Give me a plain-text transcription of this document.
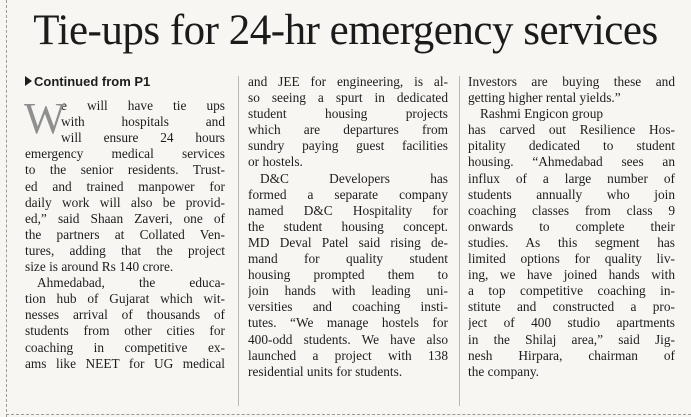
Tie-ups for 24-hr emergency services
Continued from P1
W
e will have tie ups
with hospitals and
will ensure 24 hours
emergency medical services
to the senior residents. Trust-
ed and trained manpower for
daily work will also be provid-
ed,” said Shaan Zaveri, one of
the partners at Collated Ven-
tures, adding that the project
size is around Rs 140 crore.
Ahmedabad, the educa-
tion hub of Gujarat which wit-
nesses arrival of thousands of
students from other cities for
coaching in competitive ex-
ams like NEET for UG medical
and JEE for engineering, is al-
so seeing a spurt in dedicated
student housing projects
which are departures from
sundry paying guest facilities
or hostels.
D&C Developers has
formed a separate company
named D&C Hospitality for
the student housing concept.
MD Deval Patel said rising de-
mand for quality student
housing prompted them to
join hands with leading uni-
versities and coaching insti-
tutes. “We manage hostels for
400-odd students. We have also
launched a project with 138
residential units for students.
Investors are buying these and
getting higher rental yields.”
Rashmi Engicon group
has carved out Resilience Hos-
pitality dedicated to student
housing. “Ahmedabad sees an
influx of a large number of
students annually who join
coaching classes from class 9
onwards to complete their
studies. As this segment has
limited options for quality liv-
ing, we have joined hands with
a top competitive coaching in-
stitute and constructed a pro-
ject of 400 studio apartments
in the Shilaj area,” said Jig-
nesh Hirpara, chairman of
the company.
